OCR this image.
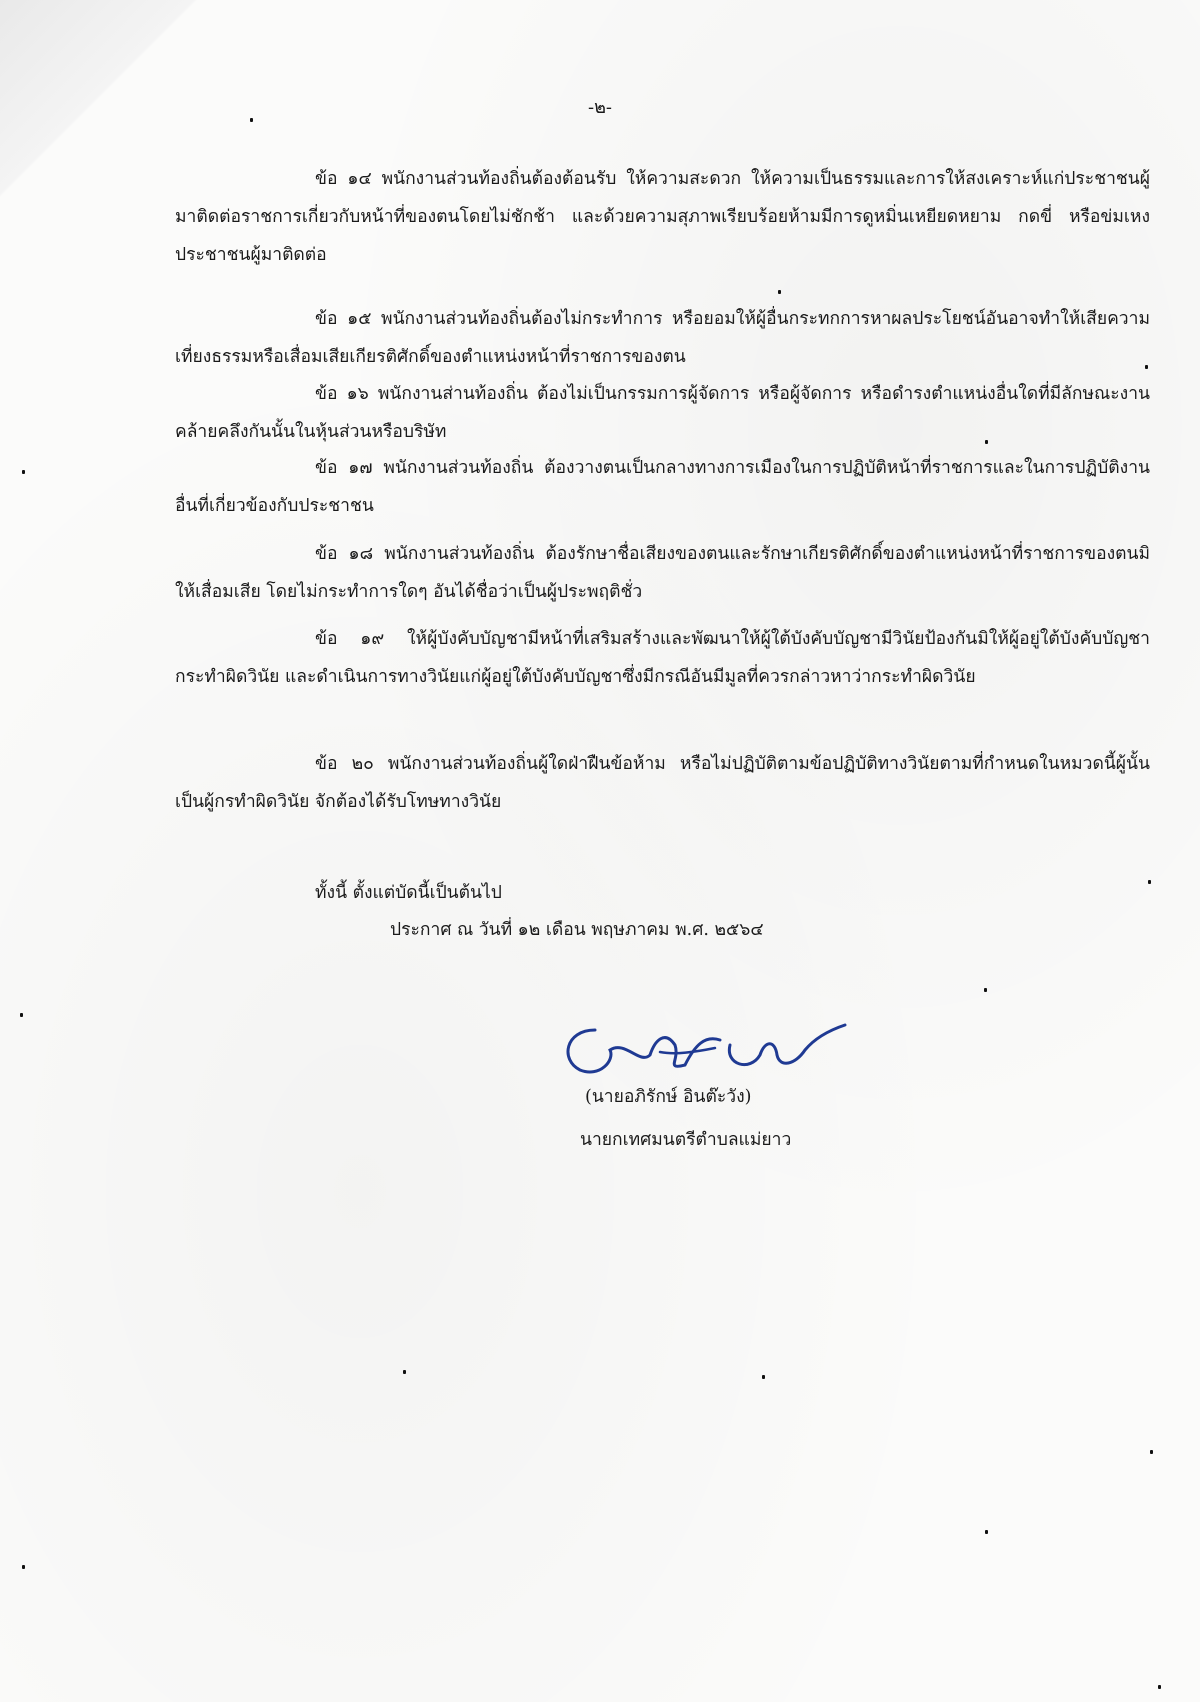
-๒-

ข้อ ๑๔ พนักงานส่วนท้องถิ่นต้องต้อนรับ ให้ความสะดวก ให้ความเป็นธรรมและการให้สงเคราะห์แก่ประชาชนผู้มาติดต่อราชการเกี่ยวกับหน้าที่ของตนโดยไม่ชักช้า และด้วยความสุภาพเรียบร้อยห้ามมีการดูหมิ่นเหยียดหยาม กดขี่ หรือข่มเหงประชาชนผู้มาติดต่อ

ข้อ ๑๕ พนักงานส่วนท้องถิ่นต้องไม่กระทำการ หรือยอมให้ผู้อื่นกระทกการหาผลประโยชน์อันอาจทำให้เสียความเที่ยงธรรมหรือเสื่อมเสียเกียรติศักดิ์ของตำแหน่งหน้าที่ราชการของตน

ข้อ ๑๖ พนักงานส่านท้องถิ่น ต้องไม่เป็นกรรมการผู้จัดการ หรือผู้จัดการ หรือดำรงตำแหน่งอื่นใดที่มีลักษณะงานคล้ายคลึงกันนั้นในหุ้นส่วนหรือบริษัท

ข้อ ๑๗ พนักงานส่วนท้องถิ่น ต้องวางตนเป็นกลางทางการเมืองในการปฏิบัติหน้าที่ราชการและในการปฏิบัติงานอื่นที่เกี่ยวข้องกับประชาชน

ข้อ ๑๘ พนักงานส่วนท้องถิ่น ต้องรักษาชื่อเสียงของตนและรักษาเกียรติศักดิ์ของตำแหน่งหน้าที่ราชการของตนมิให้เสื่อมเสีย โดยไม่กระทำการใดๆ อันได้ชื่อว่าเป็นผู้ประพฤติชั่ว

ข้อ ๑๙ ให้ผู้บังคับบัญชามีหน้าที่เสริมสร้างและพัฒนาให้ผู้ใต้บังคับบัญชามีวินัยป้องกันมิให้ผู้อยู่ใต้บังคับบัญชากระทำผิดวินัย และดำเนินการทางวินัยแก่ผู้อยู่ใต้บังคับบัญชาซึ่งมีกรณีอันมีมูลที่ควรกล่าวหาว่ากระทำผิดวินัย

ข้อ ๒๐ พนักงานส่วนท้องถิ่นผู้ใดฝ่าฝืนข้อห้าม หรือไม่ปฏิบัติตามข้อปฏิบัติทางวินัยตามที่กำหนดในหมวดนี้ผู้นั้นเป็นผู้กรทำผิดวินัย จักต้องได้รับโทษทางวินัย

ทั้งนี้ ตั้งแต่บัดนี้เป็นต้นไป
ประกาศ ณ วันที่ ๑๒ เดือน พฤษภาคม พ.ศ. ๒๕๖๔
(นายอภิรักษ์ อินต๊ะวัง)
นายกเทศมนตรีตำบลแม่ยาว
